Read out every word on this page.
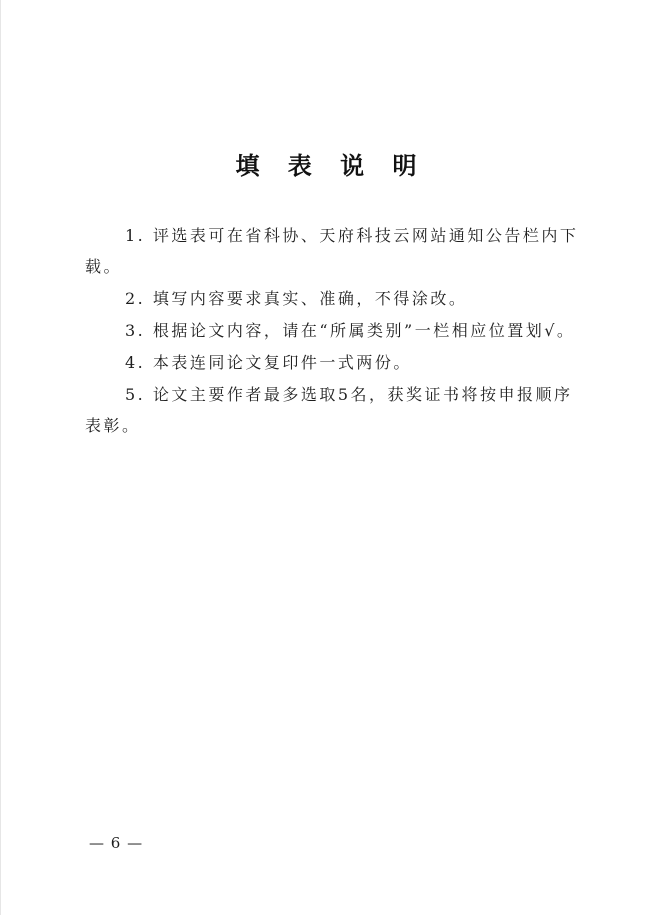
填 表 说 明

1. 评选表可在省科协、天府科技云网站通知公告栏内下载。

2. 填写内容要求真实、准确，不得涂改。

3. 根据论文内容，请在“所属类别”一栏相应位置划√。

4. 本表连同论文复印件一式两份。

5. 论文主要作者最多选取5名，获奖证书将按申报顺序表彰。

— 6 —
